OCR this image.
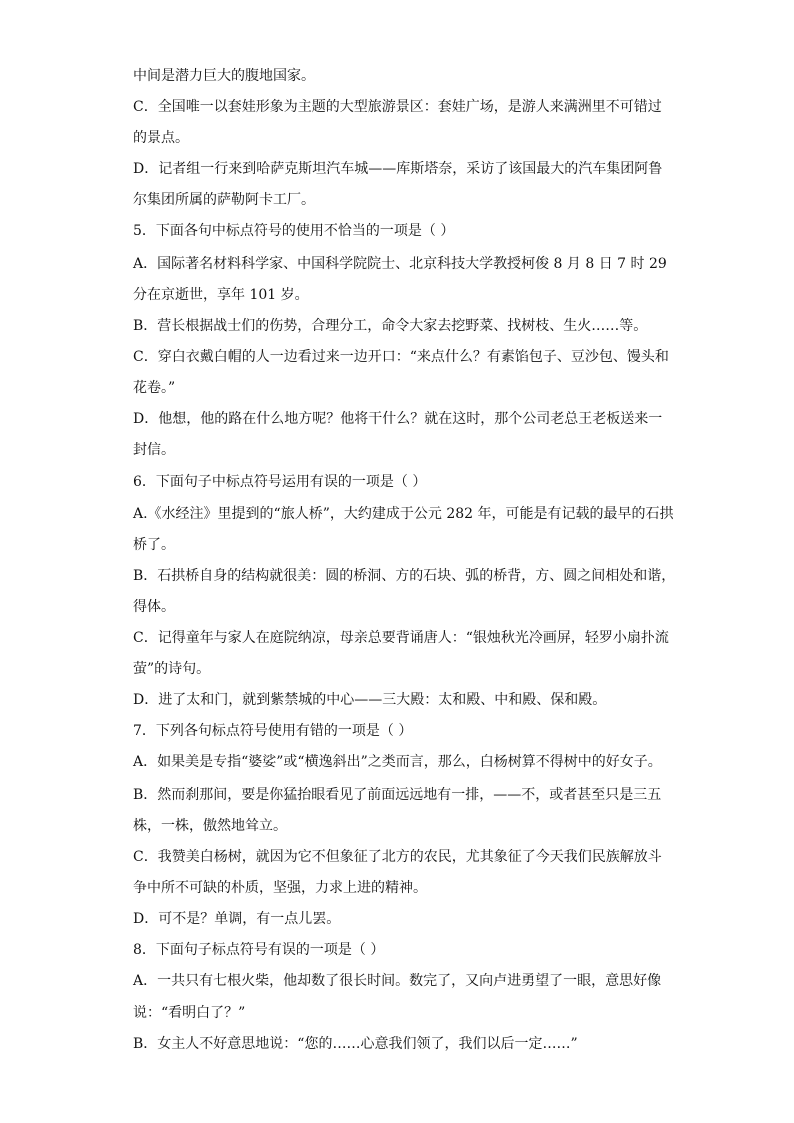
中间是潜力巨大的腹地国家。
C．全国唯一以套娃形象为主题的大型旅游景区：套娃广场，是游人来满洲里不可错过
的景点。
D．记者组一行来到哈萨克斯坦汽车城——库斯塔奈，采访了该国最大的汽车集团阿鲁
尔集团所属的萨勒阿卡工厂。
5．下面各句中标点符号的使用不恰当的一项是（ ）
A．国际著名材料科学家、中国科学院院士、北京科技大学教授柯俊 8 月 8 日 7 时 29
分在京逝世，享年 101 岁。
B．营长根据战士们的伤势，合理分工，命令大家去挖野菜、找树枝、生火……等。
C．穿白衣戴白帽的人一边看过来一边开口：“来点什么？有素馅包子、豆沙包、馒头和
花卷。”
D．他想，他的路在什么地方呢？他将干什么？就在这时，那个公司老总王老板送来一
封信。
6．下面句子中标点符号运用有误的一项是（ ）
A.《水经注》里提到的“旅人桥”，大约建成于公元 282 年，可能是有记载的最早的石拱
桥了。
B．石拱桥自身的结构就很美：圆的桥洞、方的石块、弧的桥背，方、圆之间相处和谐，
得体。
C．记得童年与家人在庭院纳凉，母亲总要背诵唐人：“银烛秋光冷画屏，轻罗小扇扑流
萤”的诗句。
D．进了太和门，就到紫禁城的中心——三大殿：太和殿、中和殿、保和殿。
7．下列各句标点符号使用有错的一项是（ ）
A．如果美是专指“婆娑”或“横逸斜出”之类而言，那么，白杨树算不得树中的好女子。
B．然而刹那间，要是你猛抬眼看见了前面远远地有一排，——不，或者甚至只是三五
株，一株，傲然地耸立。
C．我赞美白杨树，就因为它不但象征了北方的农民，尤其象征了今天我们民族解放斗
争中所不可缺的朴质，坚强，力求上进的精神。
D．可不是？单调，有一点儿罢。
8．下面句子标点符号有误的一项是（ ）
A．一共只有七根火柴，他却数了很长时间。数完了，又向卢进勇望了一眼，意思好像
说：“看明白了？”
B．女主人不好意思地说：“您的……心意我们领了，我们以后一定……”
